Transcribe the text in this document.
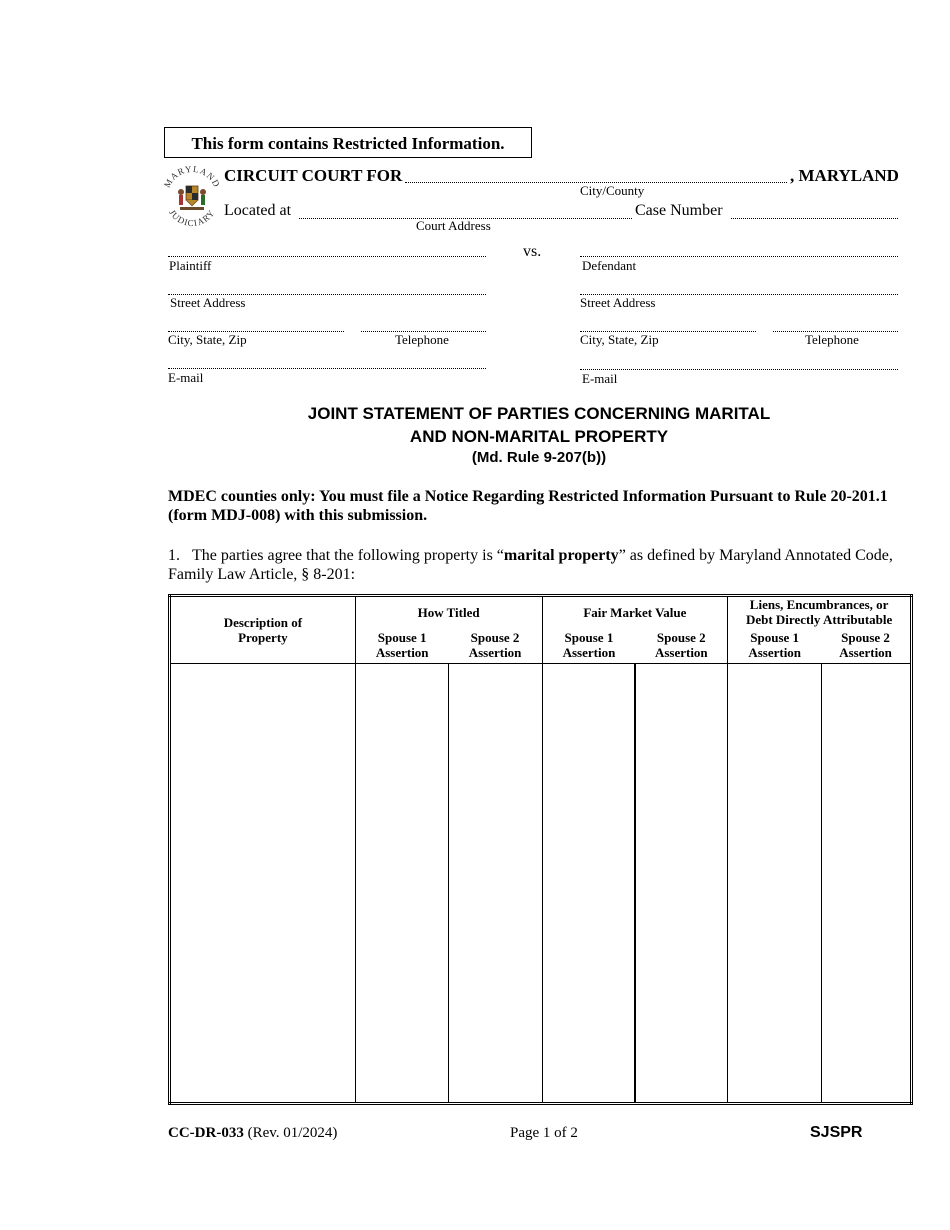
This form contains Restricted Information.
MARYLAND
JUDICIARY
CIRCUIT COURT FOR	, MARYLAND
City/County
Located at
Court Address
Case Number
Plaintiff
Street Address
City, State, Zip	Telephone
E-mail
vs.
Defendant
Street Address
City, State, Zip	Telephone
E-mail
JOINT STATEMENT OF PARTIES CONCERNING MARITAL
AND NON-MARITAL PROPERTY
(Md. Rule 9-207(b))
MDEC counties only: You must file a Notice Regarding Restricted Information Pursuant to Rule 20-201.1 (form MDJ-008) with this submission.
1. The parties agree that the following property is “marital property” as defined by Maryland Annotated Code, Family Law Article, § 8-201:
Description of Property	How Titled		Fair Market Value		Liens, Encumbrances, or Debt Directly Attributable	
	Spouse 1 Assertion	Spouse 2 Assertion	Spouse 1 Assertion	Spouse 2 Assertion	Spouse 1 Assertion	Spouse 2 Assertion

CC-DR-033 (Rev. 01/2024)	Page 1 of 2	SJSPR
